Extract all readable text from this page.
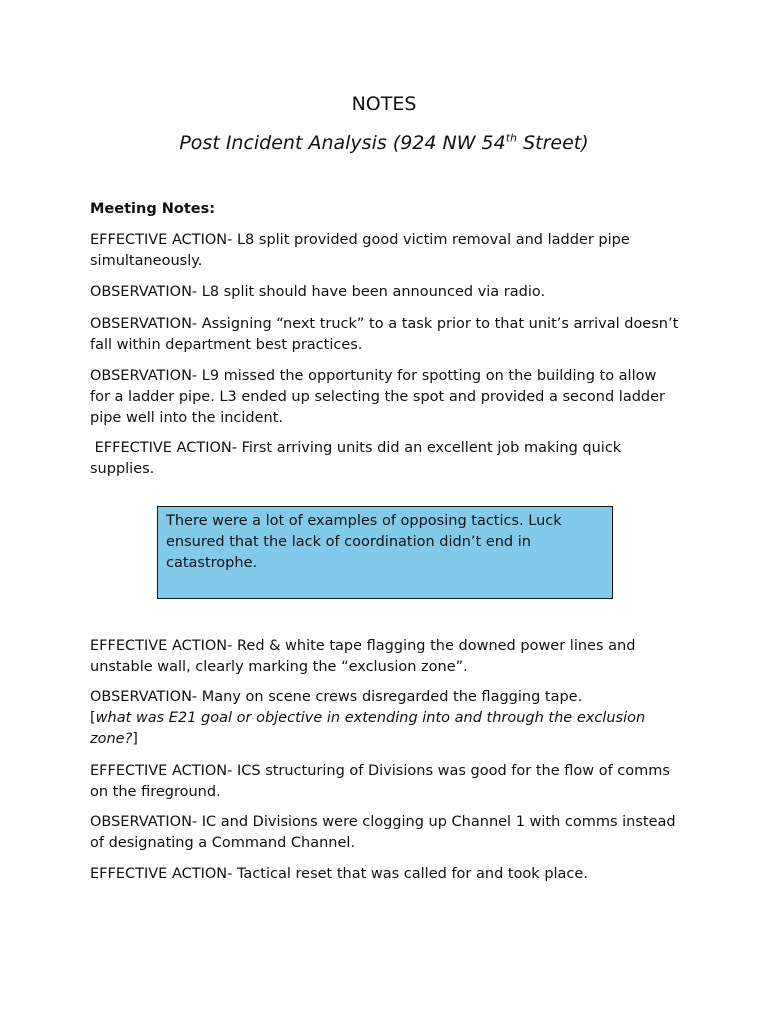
NOTES
Post Incident Analysis (924 NW 54th Street)
Meeting Notes:

EFFECTIVE ACTION- L8 split provided good victim removal and ladder pipe simultaneously.

OBSERVATION- L8 split should have been announced via radio.

OBSERVATION- Assigning “next truck” to a task prior to that unit’s arrival doesn’t fall within department best practices.

OBSERVATION- L9 missed the opportunity for spotting on the building to allow for a ladder pipe. L3 ended up selecting the spot and provided a second ladder pipe well into the incident.

EFFECTIVE ACTION- First arriving units did an excellent job making quick supplies.

There were a lot of examples of opposing tactics. Luck ensured that the lack of coordination didn’t end in catastrophe.

EFFECTIVE ACTION- Red & white tape flagging the downed power lines and unstable wall, clearly marking the “exclusion zone”.

OBSERVATION- Many on scene crews disregarded the flagging tape.
[what was E21 goal or objective in extending into and through the exclusion zone?]

EFFECTIVE ACTION- ICS structuring of Divisions was good for the flow of comms on the fireground.

OBSERVATION- IC and Divisions were clogging up Channel 1 with comms instead of designating a Command Channel.

EFFECTIVE ACTION- Tactical reset that was called for and took place.
